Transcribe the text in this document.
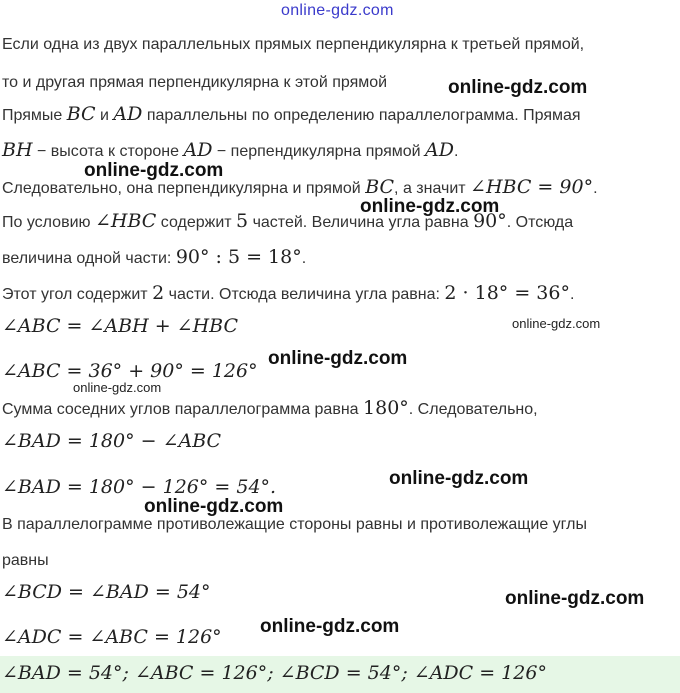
online-gdz.com
Если одна из двух параллельных прямых перпендикулярна к третьей прямой,
то и другая прямая перпендикулярна к этой прямой
Прямые BC и AD параллельны по определению параллелограмма. Прямая
BH − высота к стороне AD − перпендикулярна прямой AD.
Следовательно, она перпендикулярна и прямой BC, а значит ∠HBC = 90°.
По условию ∠HBC содержит 5 частей. Величина угла равна 90°. Отсюда
величина одной части: 90° : 5 = 18°.
Этот угол содержит 2 части. Отсюда величина угла равна: 2 · 18° = 36°.
∠ABC = ∠ABH + ∠HBC
∠ABC = 36° + 90° = 126°
Сумма соседних углов параллелограмма равна 180°. Следовательно,
∠BAD = 180° − ∠ABC
∠BAD = 180° − 126° = 54°.
В параллелограмме противолежащие стороны равны и противолежащие углы
равны
∠BCD = ∠BAD = 54°
∠ADC = ∠ABC = 126°
∠BAD = 54°; ∠ABC = 126°; ∠BCD = 54°; ∠ADC = 126°
online-gdz.com
online-gdz.com
online-gdz.com
online-gdz.com
online-gdz.com
online-gdz.com
online-gdz.com
online-gdz.com
online-gdz.com
online-gdz.com
